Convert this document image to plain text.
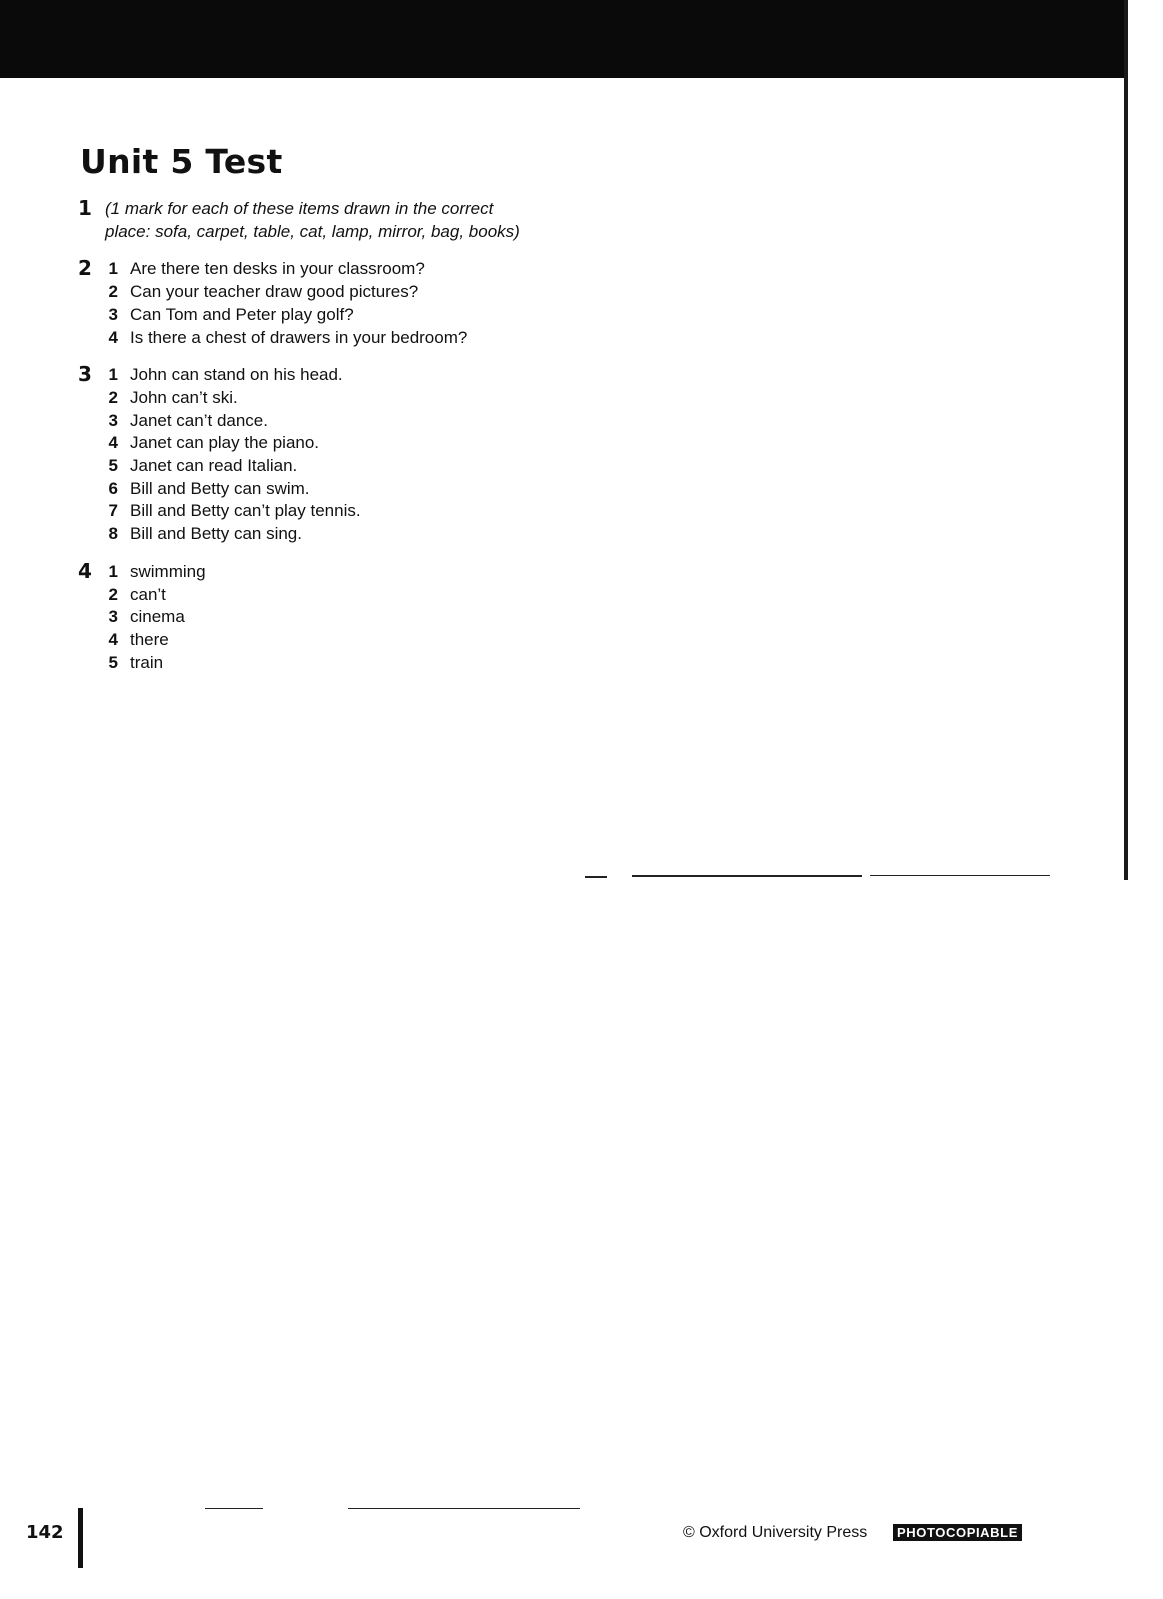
Unit 5 Test
1 (1 mark for each of these items drawn in the correct place: sofa, carpet, table, cat, lamp, mirror, bag, books)
2 1 Are there ten desks in your classroom?
2 Can your teacher draw good pictures?
3 Can Tom and Peter play golf?
4 Is there a chest of drawers in your bedroom?
3 1 John can stand on his head.
2 John can’t ski.
3 Janet can’t dance.
4 Janet can play the piano.
5 Janet can read Italian.
6 Bill and Betty can swim.
7 Bill and Betty can’t play tennis.
8 Bill and Betty can sing.
4 1 swimming
2 can’t
3 cinema
4 there
5 train

142	© Oxford University Press	PHOTOCOPIABLE
